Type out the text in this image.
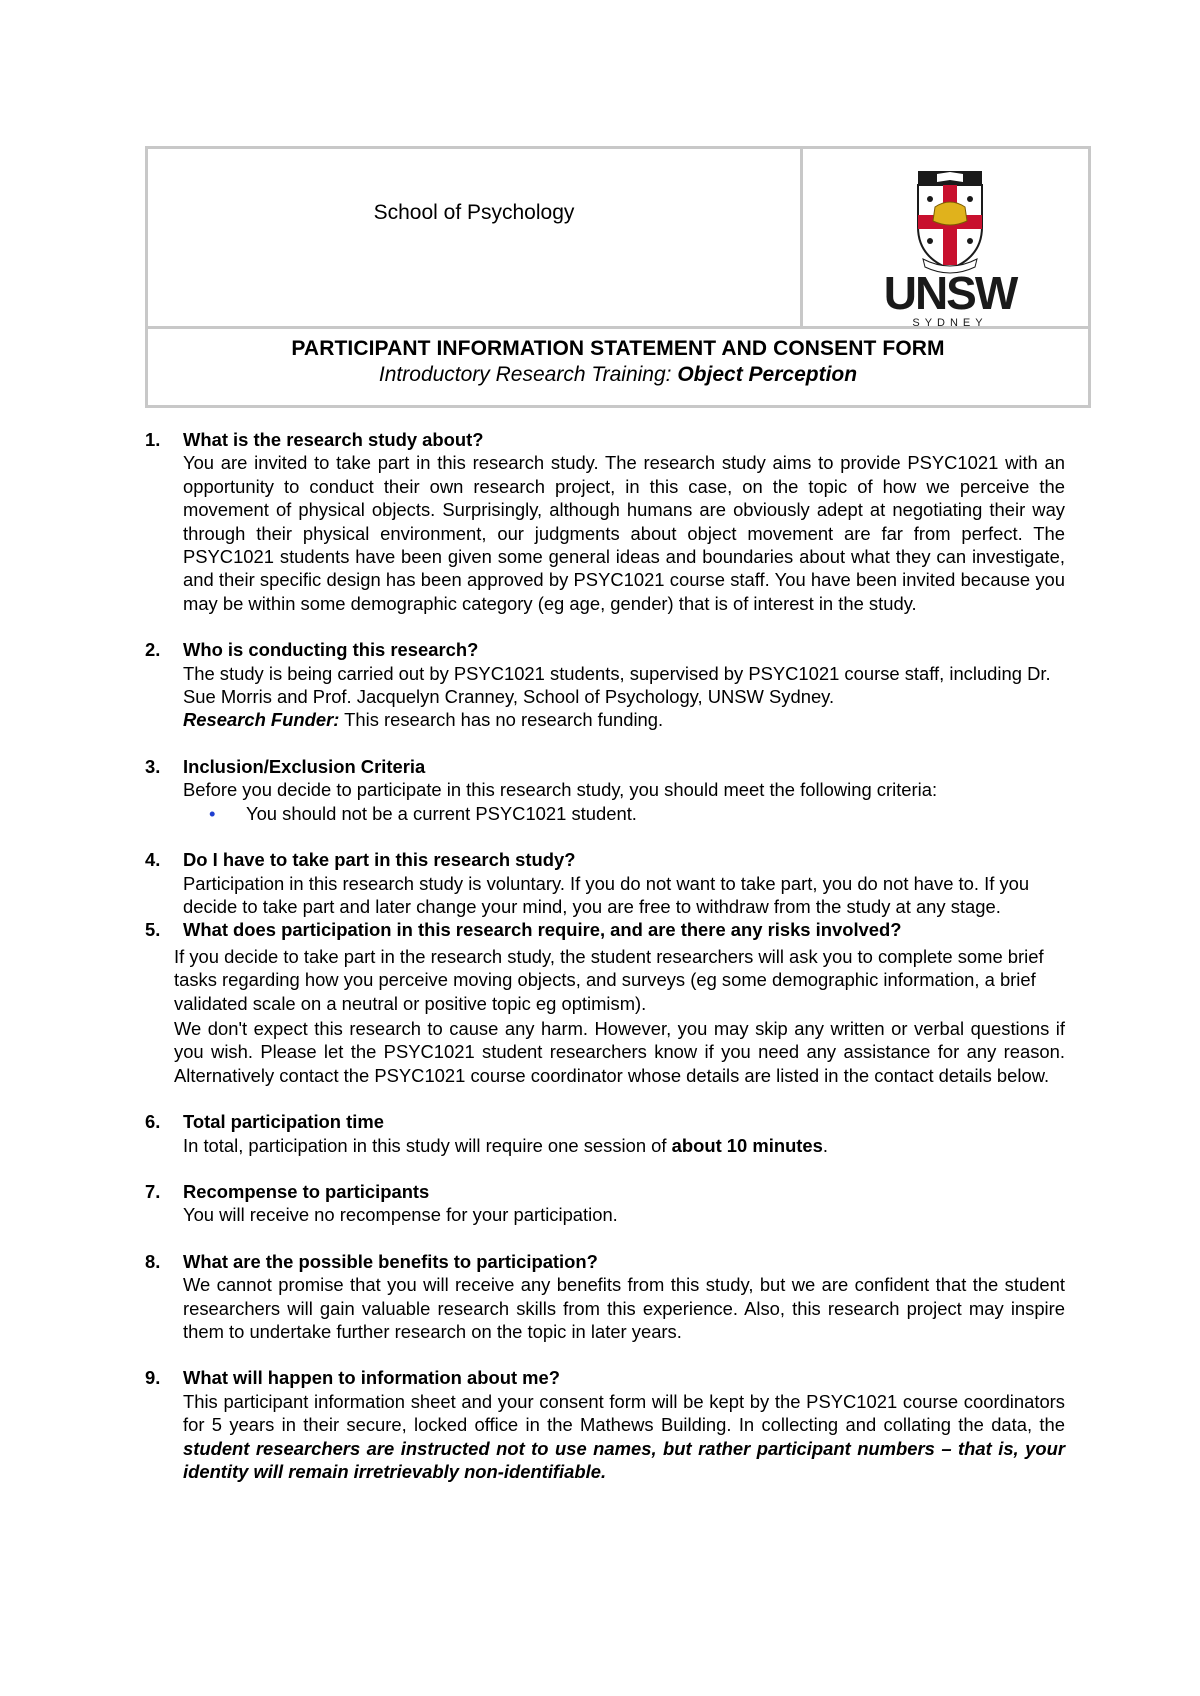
School of Psychology
UNSW
SYDNEY
PARTICIPANT INFORMATION STATEMENT AND CONSENT FORM
Introductory Research Training: Object Perception
1. What is the research study about?
You are invited to take part in this research study. The research study aims to provide PSYC1021 with an opportunity to conduct their own research project, in this case, on the topic of how we perceive the movement of physical objects. Surprisingly, although humans are obviously adept at negotiating their way through their physical environment, our judgments about object movement are far from perfect. The PSYC1021 students have been given some general ideas and boundaries about what they can investigate, and their specific design has been approved by PSYC1021 course staff. You have been invited because you may be within some demographic category (eg age, gender) that is of interest in the study.
2. Who is conducting this research?
The study is being carried out by PSYC1021 students, supervised by PSYC1021 course staff, including Dr. Sue Morris and Prof. Jacquelyn Cranney, School of Psychology, UNSW Sydney.
Research Funder: This research has no research funding.
3. Inclusion/Exclusion Criteria
Before you decide to participate in this research study, you should meet the following criteria:
• You should not be a current PSYC1021 student.
4. Do I have to take part in this research study?
Participation in this research study is voluntary. If you do not want to take part, you do not have to. If you decide to take part and later change your mind, you are free to withdraw from the study at any stage.
5. What does participation in this research require, and are there any risks involved?
If you decide to take part in the research study, the student researchers will ask you to complete some brief tasks regarding how you perceive moving objects, and surveys (eg some demographic information, a brief validated scale on a neutral or positive topic eg optimism).
We don't expect this research to cause any harm. However, you may skip any written or verbal questions if you wish. Please let the PSYC1021 student researchers know if you need any assistance for any reason. Alternatively contact the PSYC1021 course coordinator whose details are listed in the contact details below.
6. Total participation time
In total, participation in this study will require one session of about 10 minutes.
7. Recompense to participants
You will receive no recompense for your participation.
8. What are the possible benefits to participation?
We cannot promise that you will receive any benefits from this study, but we are confident that the student researchers will gain valuable research skills from this experience. Also, this research project may inspire them to undertake further research on the topic in later years.
9. What will happen to information about me?
This participant information sheet and your consent form will be kept by the PSYC1021 course coordinators for 5 years in their secure, locked office in the Mathews Building. In collecting and collating the data, the student researchers are instructed not to use names, but rather participant numbers – that is, your identity will remain irretrievably non-identifiable.
